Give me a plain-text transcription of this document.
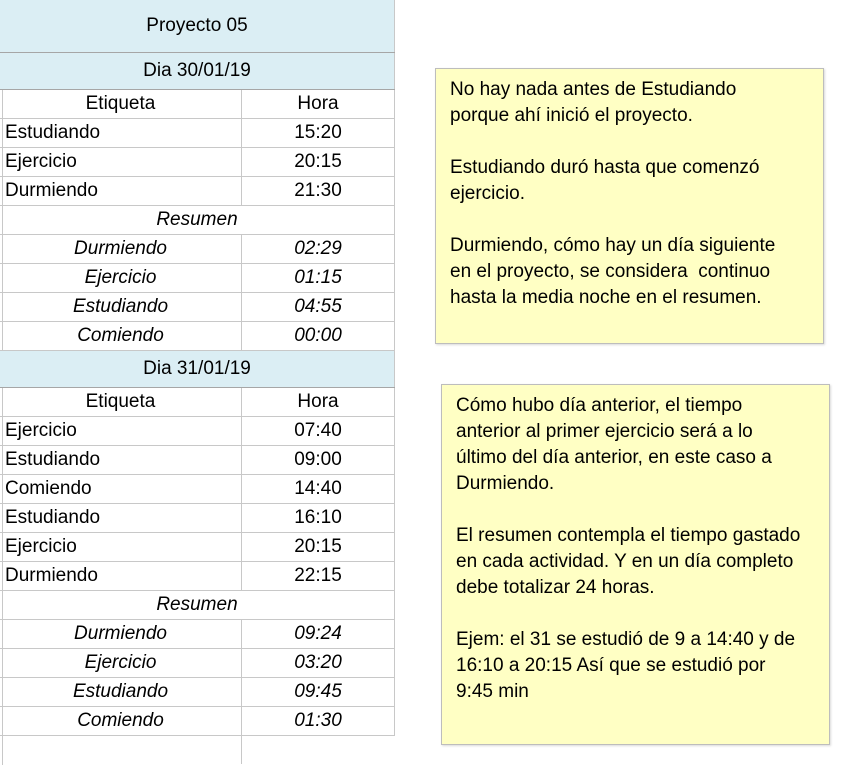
Proyecto 05
Dia 30/01/19
Etiqueta	Hora
Estudiando	15:20
Ejercicio	20:15
Durmiendo	21:30
Resumen
Durmiendo	02:29
Ejercicio	01:15
Estudiando	04:55
Comiendo	00:00
Dia 31/01/19
Etiqueta	Hora
Ejercicio	07:40
Estudiando	09:00
Comiendo	14:40
Estudiando	16:10
Ejercicio	20:15
Durmiendo	22:15
Resumen
Durmiendo	09:24
Ejercicio	03:20
Estudiando	09:45
Comiendo	01:30

No hay nada antes de Estudiando
porque ahí inició el proyecto.

Estudiando duró hasta que comenzó
ejercicio.

Durmiendo, cómo hay un día siguiente
en el proyecto, se considera  continuo
hasta la media noche en el resumen.

Cómo hubo día anterior, el tiempo
anterior al primer ejercicio será a lo
último del día anterior, en este caso a
Durmiendo.

El resumen contempla el tiempo gastado
en cada actividad. Y en un día completo
debe totalizar 24 horas.

Ejem: el 31 se estudió de 9 a 14:40 y de
16:10 a 20:15 Así que se estudió por
9:45 min
